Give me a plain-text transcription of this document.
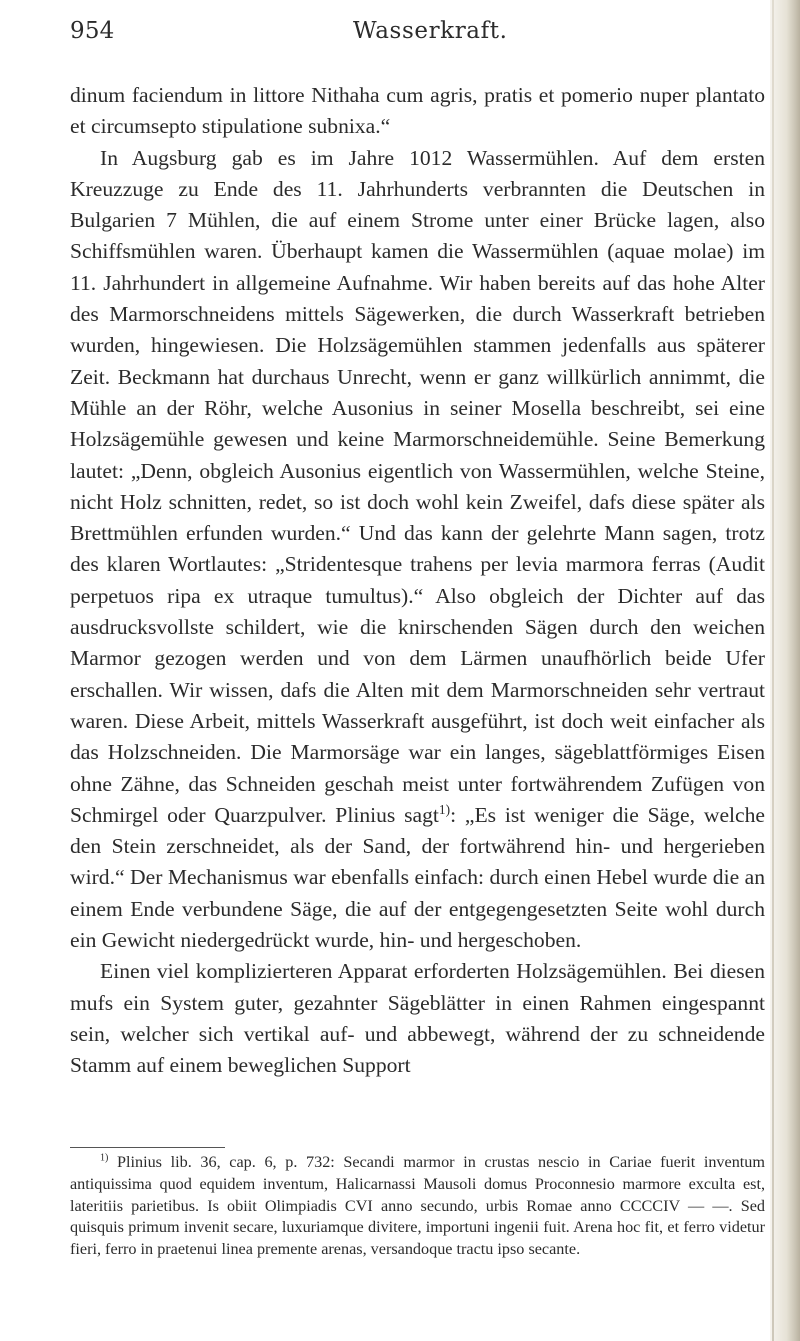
954	Wasserkraft.

dinum faciendum in littore Nithaha cum agris, pratis et pomerio nuper plantato et circumsepto stipulatione subnixa.“

In Augsburg gab es im Jahre 1012 Wassermühlen. Auf dem ersten Kreuzzuge zu Ende des 11. Jahrhunderts verbrannten die Deutschen in Bulgarien 7 Mühlen, die auf einem Strome unter einer Brücke lagen, also Schiffsmühlen waren. Überhaupt kamen die Wassermühlen (aquae molae) im 11. Jahrhundert in allgemeine Aufnahme. Wir haben bereits auf das hohe Alter des Marmorschneidens mittels Sägewerken, die durch Wasserkraft betrieben wurden, hingewiesen. Die Holzsägemühlen stammen jedenfalls aus späterer Zeit. Beckmann hat durchaus Unrecht, wenn er ganz willkürlich annimmt, die Mühle an der Röhr, welche Ausonius in seiner Mosella beschreibt, sei eine Holzsägemühle gewesen und keine Marmorschneidemühle. Seine Bemerkung lautet: „Denn, obgleich Ausonius eigentlich von Wassermühlen, welche Steine, nicht Holz schnitten, redet, so ist doch wohl kein Zweifel, dafs diese später als Brettmühlen erfunden wurden.“ Und das kann der gelehrte Mann sagen, trotz des klaren Wortlautes: „Stridentesque trahens per levia marmora ferras (Audit perpetuos ripa ex utraque tumultus).“ Also obgleich der Dichter auf das ausdrucksvollste schildert, wie die knirschenden Sägen durch den weichen Marmor gezogen werden und von dem Lärmen unaufhörlich beide Ufer erschallen. Wir wissen, dafs die Alten mit dem Marmorschneiden sehr vertraut waren. Diese Arbeit, mittels Wasserkraft ausgeführt, ist doch weit einfacher als das Holzschneiden. Die Marmorsäge war ein langes, sägeblattförmiges Eisen ohne Zähne, das Schneiden geschah meist unter fortwährendem Zufügen von Schmirgel oder Quarzpulver. Plinius sagt$^{1)}$: „Es ist weniger die Säge, welche den Stein zerschneidet, als der Sand, der fortwährend hin- und hergerieben wird.“ Der Mechanismus war ebenfalls einfach: durch einen Hebel wurde die an einem Ende verbundene Säge, die auf der entgegengesetzten Seite wohl durch ein Gewicht niedergedrückt wurde, hin- und hergeschoben.

Einen viel komplizierteren Apparat erforderten Holzsägemühlen. Bei diesen mufs ein System guter, gezahnter Sägeblätter in einen Rahmen eingespannt sein, welcher sich vertikal auf- und abbewegt, während der zu schneidende Stamm auf einem beweglichen Support

$^{1)}$ Plinius lib. 36, cap. 6, p. 732: Secandi marmor in crustas nescio in Cariae fuerit inventum antiquissima quod equidem inventum, Halicarnassi Mausoli domus Proconnesio marmore exculta est, lateritiis parietibus. Is obiit Olimpiadis CVI anno secundo, urbis Romae anno CCCCIV — —. Sed quisquis primum invenit secare, luxuriamque divitere, importuni ingenii fuit. Arena hoc fit, et ferro videtur fieri, ferro in praetenui linea premente arenas, versandoque tractu ipso secante.
